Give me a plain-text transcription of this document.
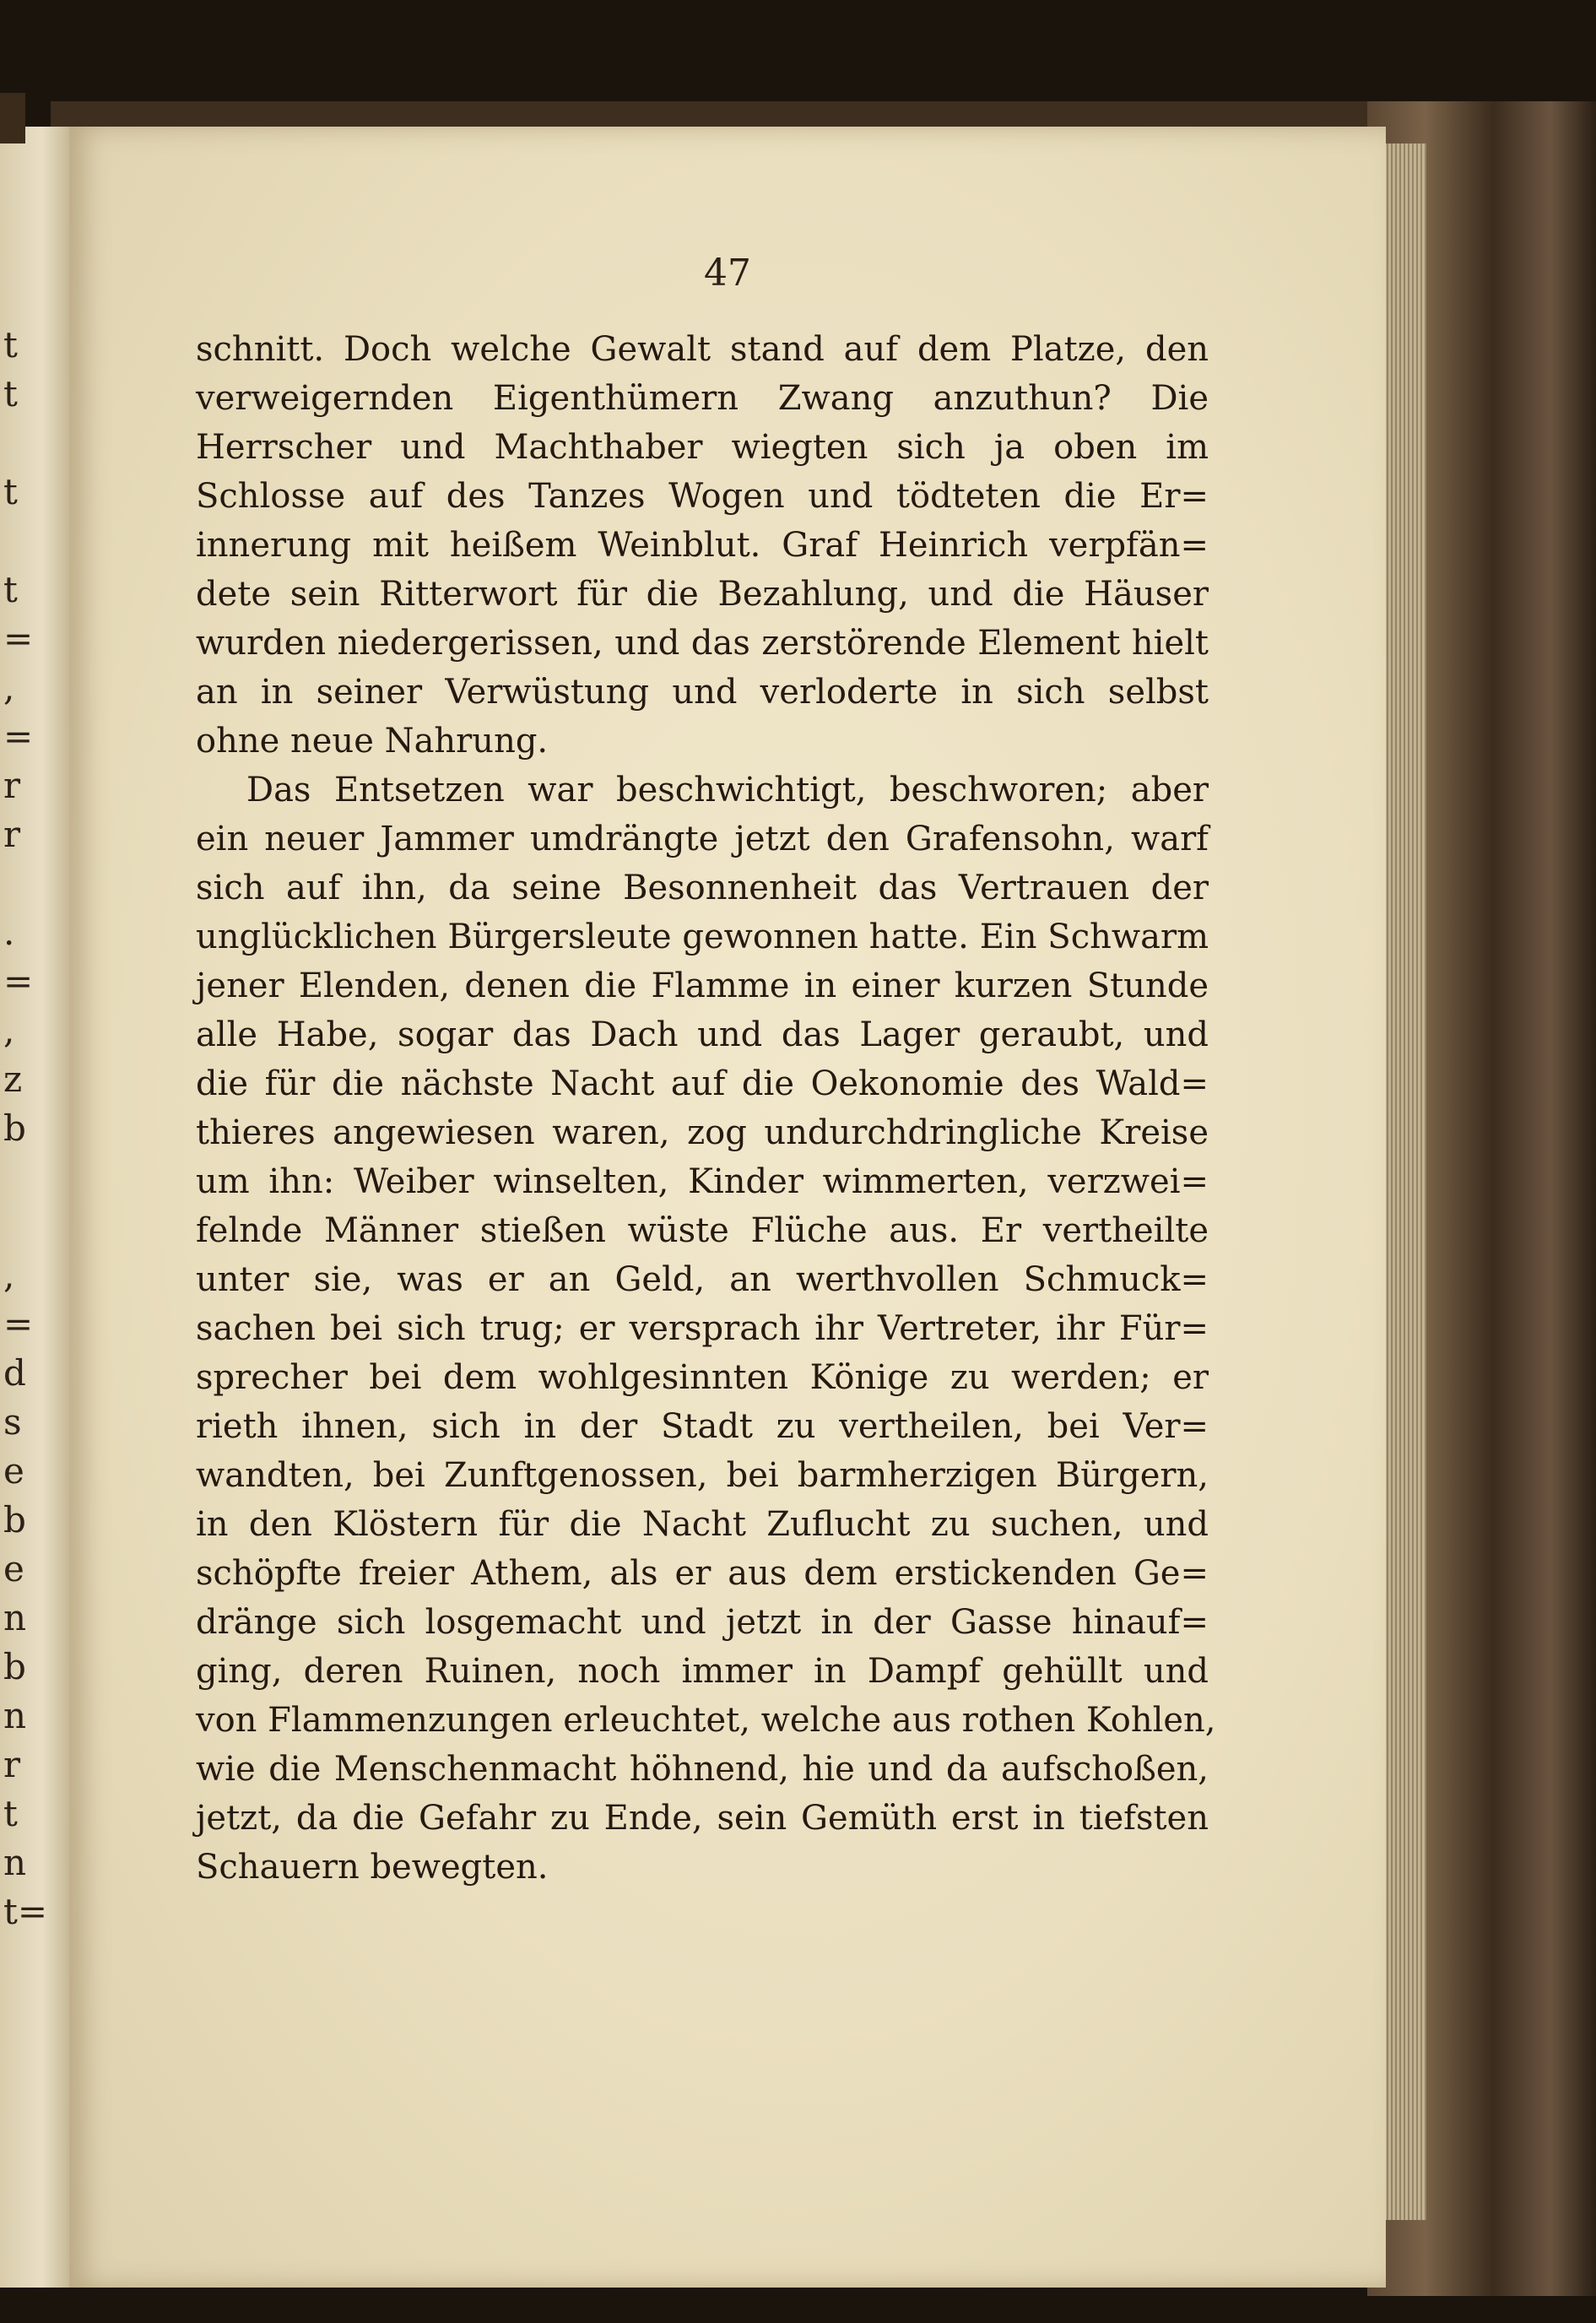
t
t

t

t
=
,
=
r
r

.
=
,
z
b

,
=
d
s
e
b
e
n
b
n
r
t
n
t=
47
schnitt. Doch welche Gewalt stand auf dem Platze, den
verweigernden Eigenthümern Zwang anzuthun? Die
Herrscher und Machthaber wiegten sich ja oben im
Schlosse auf des Tanzes Wogen und tödteten die Er=
innerung mit heißem Weinblut. Graf Heinrich verpfän=
dete sein Ritterwort für die Bezahlung, und die Häuser
wurden niedergerissen, und das zerstörende Element hielt
an in seiner Verwüstung und verloderte in sich selbst
ohne neue Nahrung.
Das Entsetzen war beschwichtigt, beschworen; aber
ein neuer Jammer umdrängte jetzt den Grafensohn, warf
sich auf ihn, da seine Besonnenheit das Vertrauen der
unglücklichen Bürgersleute gewonnen hatte. Ein Schwarm
jener Elenden, denen die Flamme in einer kurzen Stunde
alle Habe, sogar das Dach und das Lager geraubt, und
die für die nächste Nacht auf die Oekonomie des Wald=
thieres angewiesen waren, zog undurchdringliche Kreise
um ihn: Weiber winselten, Kinder wimmerten, verzwei=
felnde Männer stießen wüste Flüche aus. Er vertheilte
unter sie, was er an Geld, an werthvollen Schmuck=
sachen bei sich trug; er versprach ihr Vertreter, ihr Für=
sprecher bei dem wohlgesinnten Könige zu werden; er
rieth ihnen, sich in der Stadt zu vertheilen, bei Ver=
wandten, bei Zunftgenossen, bei barmherzigen Bürgern,
in den Klöstern für die Nacht Zuflucht zu suchen, und
schöpfte freier Athem, als er aus dem erstickenden Ge=
dränge sich losgemacht und jetzt in der Gasse hinauf=
ging, deren Ruinen, noch immer in Dampf gehüllt und
von Flammenzungen erleuchtet, welche aus rothen Kohlen,
wie die Menschenmacht höhnend, hie und da aufschoßen,
jetzt, da die Gefahr zu Ende, sein Gemüth erst in tiefsten
Schauern bewegten.
